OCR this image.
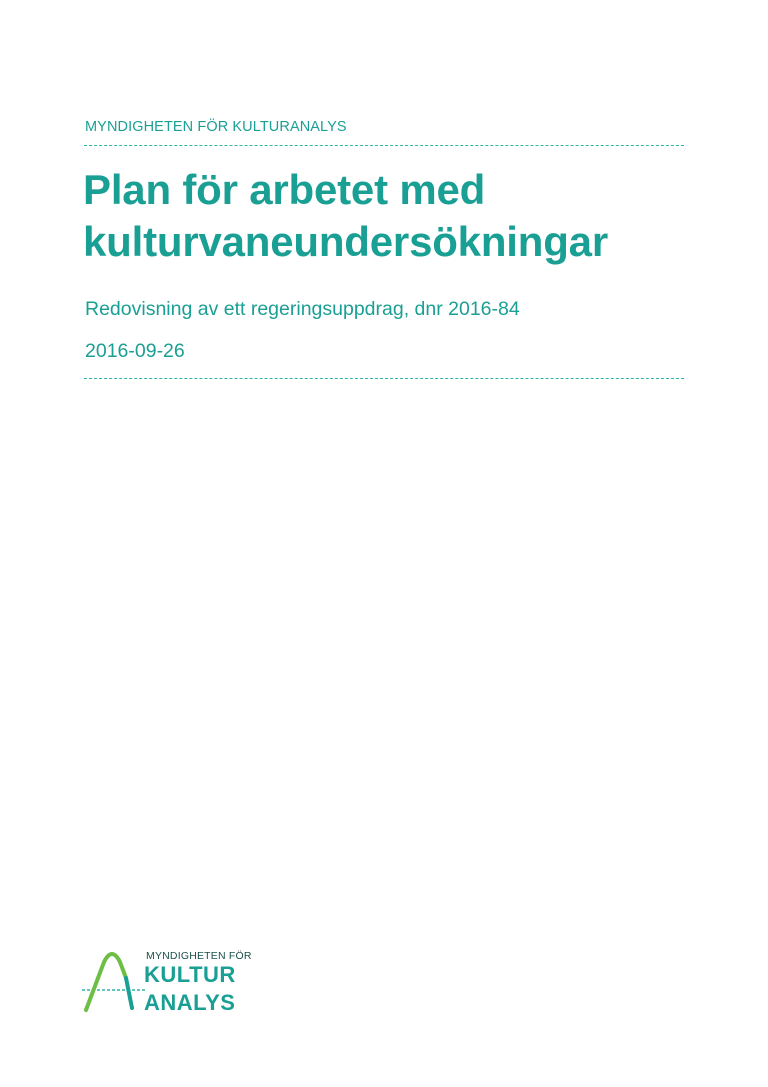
MYNDIGHETEN FÖR KULTURANALYS
Plan för arbetet med
kulturvaneundersökningar
Redovisning av ett regeringsuppdrag, dnr 2016-84
2016-09-26
MYNDIGHETEN FÖR
KULTUR
ANALYS
